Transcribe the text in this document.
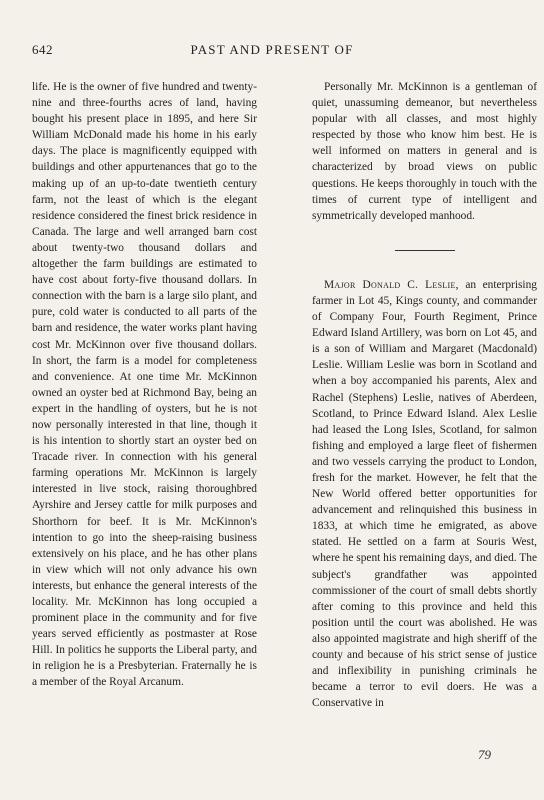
642	PAST AND PRESENT OF

life. He is the owner of five hundred and twenty-nine and three-fourths acres of land, having bought his present place in 1895, and here Sir William McDonald made his home in his early days. The place is magnificently equipped with buildings and other appurtenances that go to the making up of an up-to-date twentieth century farm, not the least of which is the elegant residence considered the finest brick residence in Canada. The large and well arranged barn cost about twenty-two thousand dollars and altogether the farm buildings are estimated to have cost about forty-five thousand dollars. In connection with the barn is a large silo plant, and pure, cold water is conducted to all parts of the barn and residence, the water works plant having cost Mr. McKinnon over five thousand dollars. In short, the farm is a model for completeness and convenience. At one time Mr. McKinnon owned an oyster bed at Richmond Bay, being an expert in the handling of oysters, but he is not now personally interested in that line, though it is his intention to shortly start an oyster bed on Tracade river. In connection with his general farming operations Mr. McKinnon is largely interested in live stock, raising thoroughbred Ayrshire and Jersey cattle for milk purposes and Shorthorn for beef. It is Mr. McKinnon's intention to go into the sheep-raising business extensively on his place, and he has other plans in view which will not only advance his own interests, but enhance the general interests of the locality. Mr. McKinnon has long occupied a prominent place in the community and for five years served efficiently as postmaster at Rose Hill. In politics he supports the Liberal party, and in religion he is a Presbyterian. Fraternally he is a member of the Royal Arcanum.

Personally Mr. McKinnon is a gentleman of quiet, unassuming demeanor, but nevertheless popular with all classes, and most highly respected by those who know him best. He is well informed on matters in general and is characterized by broad views on public questions. He keeps thoroughly in touch with the times of current type of intelligent and symmetrically developed manhood.

Major Donald C. Leslie, an enterprising farmer in Lot 45, Kings county, and commander of Company Four, Fourth Regiment, Prince Edward Island Artillery, was born on Lot 45, and is a son of William and Margaret (Macdonald) Leslie. William Leslie was born in Scotland and when a boy accompanied his parents, Alex and Rachel (Stephens) Leslie, natives of Aberdeen, Scotland, to Prince Edward Island. Alex Leslie had leased the Long Isles, Scotland, for salmon fishing and employed a large fleet of fishermen and two vessels carrying the product to London, fresh for the market. However, he felt that the New World offered better opportunities for advancement and relinquished this business in 1833, at which time he emigrated, as above stated. He settled on a farm at Souris West, where he spent his remaining days, and died. The subject's grandfather was appointed commissioner of the court of small debts shortly after coming to this province and held this position until the court was abolished. He was also appointed magistrate and high sheriff of the county and because of his strict sense of justice and inflexibility in punishing criminals he became a terror to evil doers. He was a Conservative in

79
